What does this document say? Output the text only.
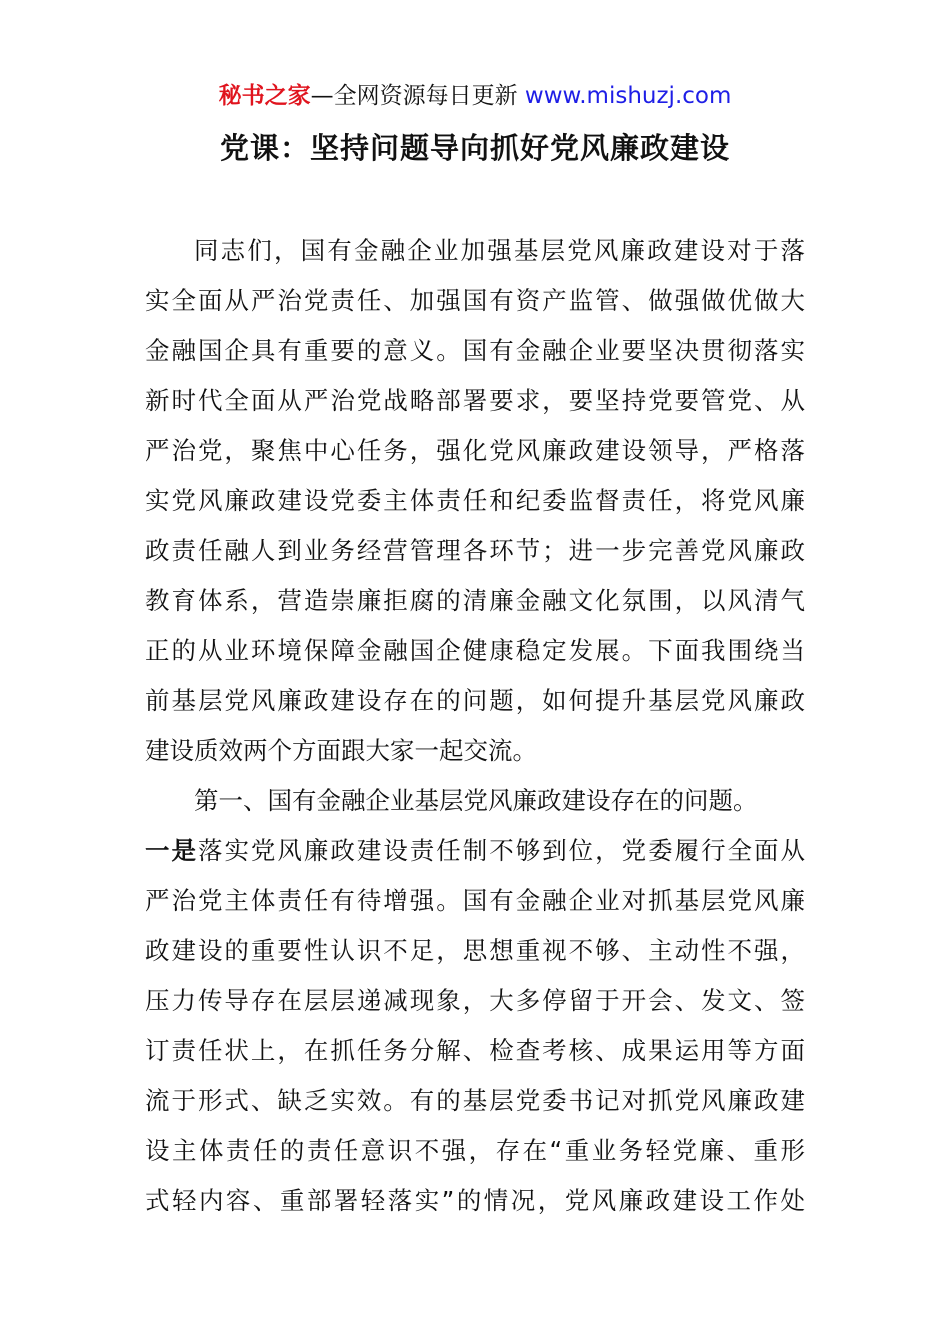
秘书之家—全网资源每日更新 www.mishuzj.com
党课：坚持问题导向抓好党风廉政建设
同志们，国有金融企业加强基层党风廉政建设对于落
实全面从严治党责任、加强国有资产监管、做强做优做大
金融国企具有重要的意义。国有金融企业要坚决贯彻落实
新时代全面从严治党战略部署要求，要坚持党要管党、从
严治党，聚焦中心任务，强化党风廉政建设领导，严格落
实党风廉政建设党委主体责任和纪委监督责任，将党风廉
政责任融人到业务经营管理各环节；进一步完善党风廉政
教育体系，营造崇廉拒腐的清廉金融文化氛围，以风清气
正的从业环境保障金融国企健康稳定发展。下面我围绕当
前基层党风廉政建设存在的问题，如何提升基层党风廉政
建设质效两个方面跟大家一起交流。
第一、国有金融企业基层党风廉政建设存在的问题。
一是落实党风廉政建设责任制不够到位，党委履行全面从
严治党主体责任有待增强。国有金融企业对抓基层党风廉
政建设的重要性认识不足，思想重视不够、主动性不强，
压力传导存在层层递减现象，大多停留于开会、发文、签
订责任状上，在抓任务分解、检查考核、成果运用等方面
流于形式、缺乏实效。有的基层党委书记对抓党风廉政建
设主体责任的责任意识不强，存在“重业务轻党廉、重形
式轻内容、重部署轻落实”的情况，党风廉政建设工作处
